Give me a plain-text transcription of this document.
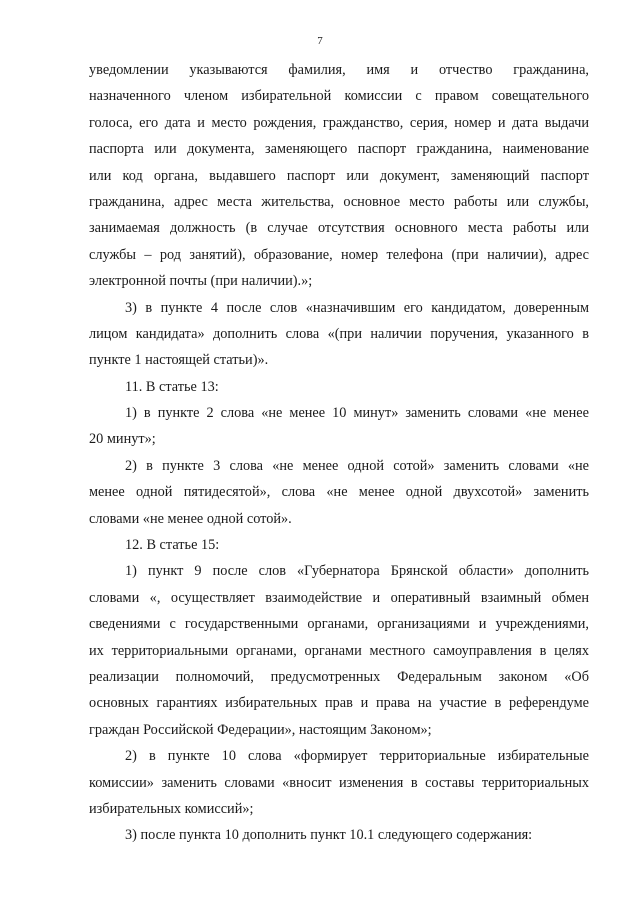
7
уведомлении указываются фамилия, имя и отчество гражданина,
назначенного членом избирательной комиссии с правом совещательного
голоса, его дата и место рождения, гражданство, серия, номер и дата выдачи
паспорта или документа, заменяющего паспорт гражданина, наименование
или код органа, выдавшего паспорт или документ, заменяющий паспорт
гражданина, адрес места жительства, основное место работы или службы,
занимаемая должность (в случае отсутствия основного места работы или
службы – род занятий), образование, номер телефона (при наличии), адрес
электронной почты (при наличии).»;
3) в пункте 4 после слов «назначившим его кандидатом, доверенным
лицом кандидата» дополнить слова «(при наличии поручения, указанного в
пункте 1 настоящей статьи)».
11. В статье 13:
1) в пункте 2 слова «не менее 10 минут» заменить словами «не менее
20 минут»;
2) в пункте 3 слова «не менее одной сотой» заменить словами «не
менее одной пятидесятой», слова «не менее одной двухсотой» заменить
словами «не менее одной сотой».
12. В статье 15:
1) пункт 9 после слов «Губернатора Брянской области» дополнить
словами «, осуществляет взаимодействие и оперативный взаимный обмен
сведениями с государственными органами, организациями и учреждениями,
их территориальными органами, органами местного самоуправления в целях
реализации полномочий, предусмотренных Федеральным законом «Об
основных гарантиях избирательных прав и права на участие в референдуме
граждан Российской Федерации», настоящим Законом»;
2) в пункте 10 слова «формирует территориальные избирательные
комиссии» заменить словами «вносит изменения в составы территориальных
избирательных комиссий»;
3) после пункта 10 дополнить пункт 10.1 следующего содержания:
